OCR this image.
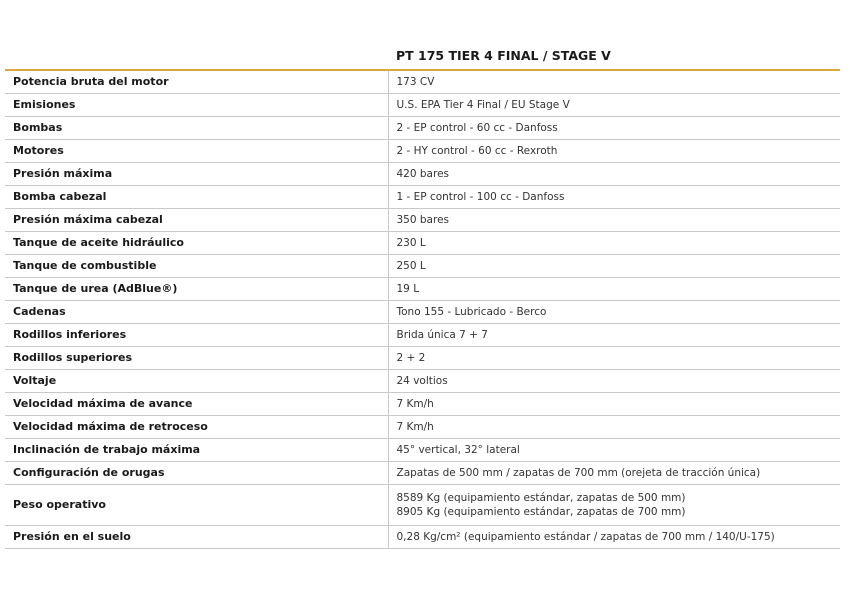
	PT 175 TIER 4 FINAL / STAGE V

Potencia bruta del motor	173 CV

Emisiones	U.S. EPA Tier 4 Final / EU Stage V

Bombas	2 - EP control - 60 cc - Danfoss

Motores	2 - HY control - 60 cc - Rexroth

Presión máxima	420 bares

Bomba cabezal	1 - EP control - 100 cc - Danfoss

Presión máxima cabezal	350 bares

Tanque de aceite hidráulico	230 L

Tanque de combustible	250 L

Tanque de urea (AdBlue®)	19 L

Cadenas	Tono 155 - Lubricado - Berco

Rodillos inferiores	Brida única 7 + 7

Rodillos superiores	2 + 2

Voltaje	24 voltios

Velocidad máxima de avance	7 Km/h

Velocidad máxima de retroceso	7 Km/h

Inclinación de trabajo máxima	45° vertical, 32° lateral

Configuración de orugas	Zapatas de 500 mm / zapatas de 700 mm (orejeta de tracción única)

Peso operativo	8589 Kg (equipamiento estándar, zapatas de 500 mm)
8905 Kg (equipamiento estándar, zapatas de 700 mm)

Presión en el suelo	0,28 Kg/cm² (equipamiento estándar / zapatas de 700 mm / 140/U-175)
